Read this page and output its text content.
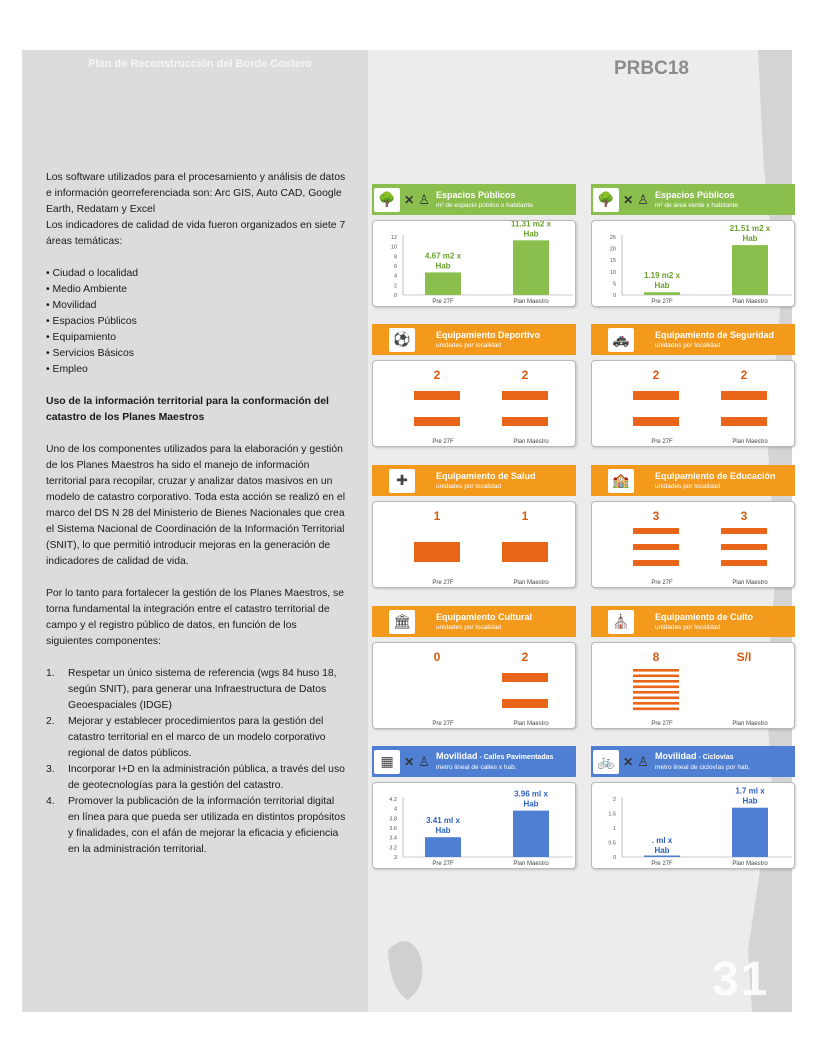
Plan de Reconstrucción del Borde Costero	PRBC18
31

Los software utilizados para el procesamiento y análisis de datos e información georreferenciada son: Arc GIS, Auto CAD, Google Earth, Redatam y Excel

Los indicadores de calidad de vida fueron organizados en siete 7 áreas temáticas:

• Ciudad o localidad

• Medio Ambiente

• Movilidad

• Espacios Públicos

• Equipamiento

• Servicios Básicos

• Empleo

Uso de la información territorial para la conformación del catastro de los Planes Maestros

Uno de los componentes utilizados para la elaboración y gestión de los Planes Maestros ha sido el manejo de información territorial para recopilar, cruzar y analizar datos masivos en un modelo de catastro corporativo. Toda esta acción se realizó en el marco del DS N 28 del Ministerio de Bienes Nacionales que crea el Sistema Nacional de Coordinación de la Información Territorial (SNIT), lo que permitió introducir mejoras en la generación de indicadores de calidad de vida.

Por lo tanto para fortalecer la gestión de los Planes Maestros, se torna fundamental la integración entre el catastro territorial de campo y el registro público de datos, en función de los siguientes componentes:

1.	Respetar un único sistema de referencia (wgs 84 huso 18, según SNIT), para generar una Infraestructura de Datos Geoespaciales (IDGE)
2.	Mejorar y establecer procedimientos para la gestión del catastro territorial en el marco de un modelo corporativo regional de datos públicos.
3.	Incorporar I+D en la administración pública, a través del uso de geotecnologías para la gestión del catastro.
4.	Promover la publicación de la información territorial digital en línea para que pueda ser utilizada en distintos propósitos y finalidades, con el afán de mejorar la eficacia y eficiencia en la administración territorial.
🌳 ✕ ♙ Espacios Públicos
m² de espacio público x habitante
Pre 27F	Plan Maestro
0
2
4
6
8
10
12
4.67 m2 x Hab
11.31 m2 x Hab
🌳 ✕ ♙ Espacios Públicos
m² de área verde x habitante
Pre 27F	Plan Maestro
0
5
10
15
20
25
1.19 m2 x Hab
21.51 m2 x Hab
⚽	Equipamiento Deportivo
unidades por localidad
Pre 27F	Plan Maestro
2	2
🚓	Equipamiento de Seguridad
unidades por localidad
Pre 27F	Plan Maestro
2	2
✚	Equipamiento de Salud
unidades por localidad
Pre 27F	Plan Maestro
1	1
🏫	Equipamiento de Educación
unidades por localidad
Pre 27F	Plan Maestro
3	3
🏛	Equipamiento Cultural
unidades por localidad
Pre 27F	Plan Maestro
0	2
⛪	Equipamiento de Culto
unidades por localidad
Pre 27F	Plan Maestro
8	S/I
▦ ✕ ♙ Movilidad - Calles Pavimentadas
metro lineal de calles x hab.
Pre 27F	Plan Maestro
3
3.2
3.4
3.6
3.8
4
4.2
3.41 ml x Hab
3.96 ml x Hab
🚲 ✕ ♙ Movilidad - Ciclovías
metro lineal de ciclovías por hab.
Pre 27F	Plan Maestro
0
0.5
1
1.5
2
. ml x Hab
1.7 ml x Hab
